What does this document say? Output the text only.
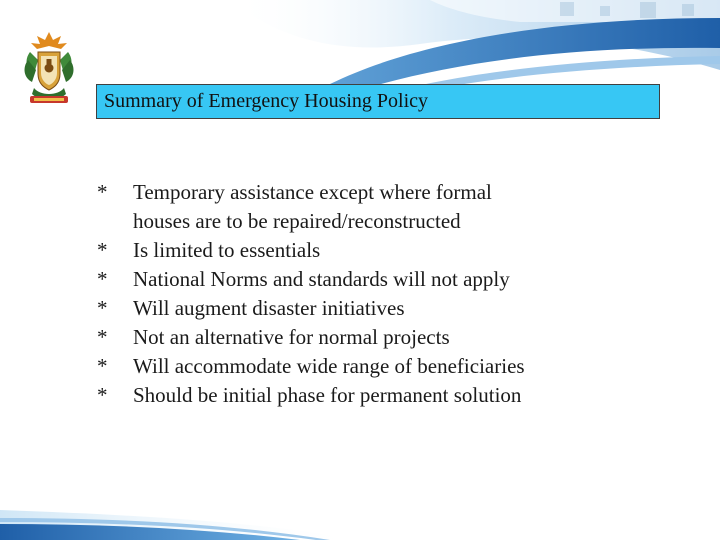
Summary of Emergency Housing Policy
*	Temporary assistance except where formal
houses are to be repaired/reconstructed
*	Is limited to essentials
*	National Norms and standards will not apply
*	Will augment disaster initiatives
*	Not an alternative for normal projects
*	Will accommodate wide range of beneficiaries
*	Should be initial phase for permanent solution
